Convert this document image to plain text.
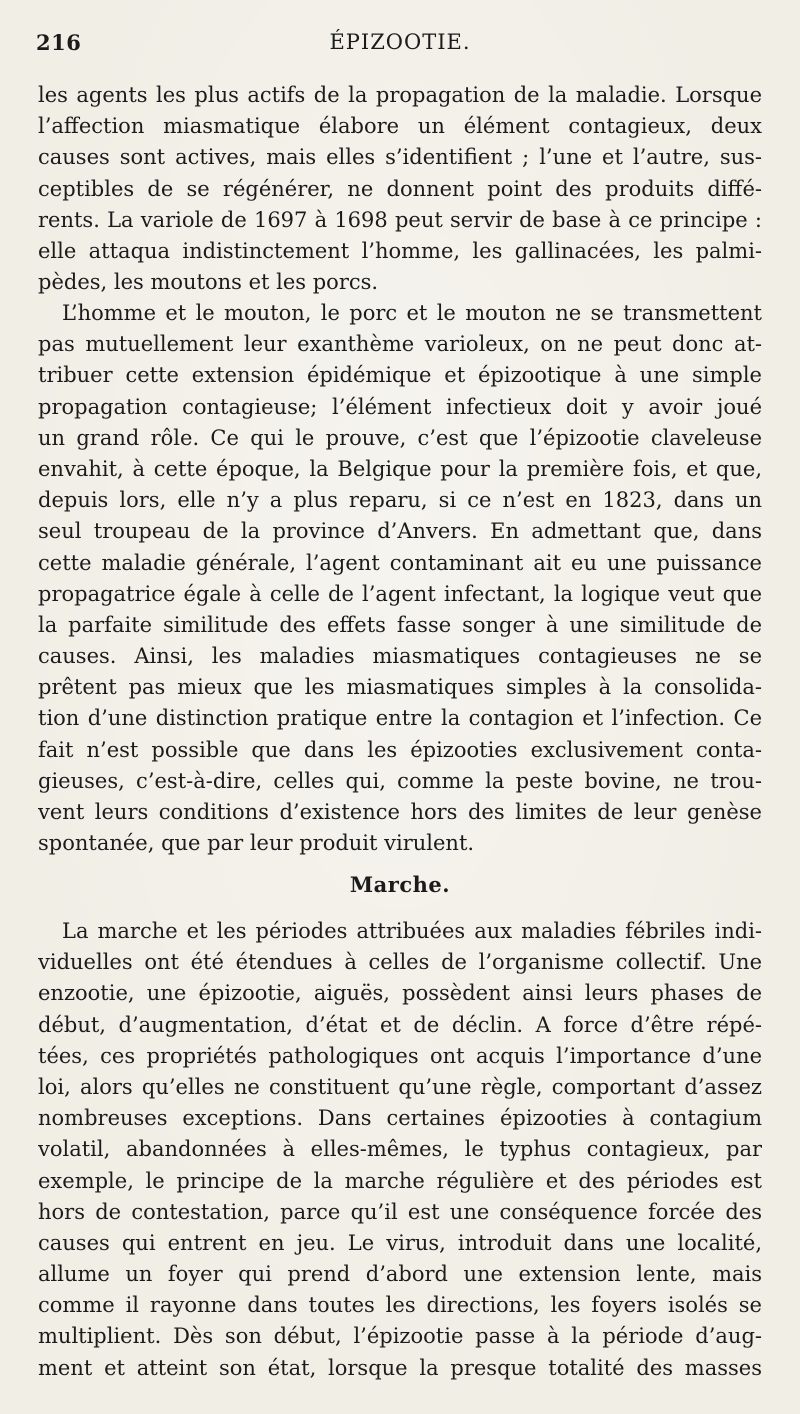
216	ÉPIZOOTIE.
les agents les plus actifs de la propagation de la maladie. Lorsque
l’affection miasmatique élabore un élément contagieux, deux
causes sont actives, mais elles s’identifient ; l’une et l’autre, sus-
ceptibles de se régénérer, ne donnent point des produits diffé-
rents. La variole de 1697 à 1698 peut servir de base à ce principe :
elle attaqua indistinctement l’homme, les gallinacées, les palmi-
pèdes, les moutons et les porcs.
L’homme et le mouton, le porc et le mouton ne se transmettent
pas mutuellement leur exanthème varioleux, on ne peut donc at-
tribuer cette extension épidémique et épizootique à une simple
propagation contagieuse; l’élément infectieux doit y avoir joué
un grand rôle. Ce qui le prouve, c’est que l’épizootie claveleuse
envahit, à cette époque, la Belgique pour la première fois, et que,
depuis lors, elle n’y a plus reparu, si ce n’est en 1823, dans un
seul troupeau de la province d’Anvers. En admettant que, dans
cette maladie générale, l’agent contaminant ait eu une puissance
propagatrice égale à celle de l’agent infectant, la logique veut que
la parfaite similitude des effets fasse songer à une similitude de
causes. Ainsi, les maladies miasmatiques contagieuses ne se
prêtent pas mieux que les miasmatiques simples à la consolida-
tion d’une distinction pratique entre la contagion et l’infection. Ce
fait n’est possible que dans les épizooties exclusivement conta-
gieuses, c’est-à-dire, celles qui, comme la peste bovine, ne trou-
vent leurs conditions d’existence hors des limites de leur genèse
spontanée, que par leur produit virulent.
Marche.
La marche et les périodes attribuées aux maladies fébriles indi-
viduelles ont été étendues à celles de l’organisme collectif. Une
enzootie, une épizootie, aiguës, possèdent ainsi leurs phases de
début, d’augmentation, d’état et de déclin. A force d’être répé-
tées, ces propriétés pathologiques ont acquis l’importance d’une
loi, alors qu’elles ne constituent qu’une règle, comportant d’assez
nombreuses exceptions. Dans certaines épizooties à contagium
volatil, abandonnées à elles-mêmes, le typhus contagieux, par
exemple, le principe de la marche régulière et des périodes est
hors de contestation, parce qu’il est une conséquence forcée des
causes qui entrent en jeu. Le virus, introduit dans une localité,
allume un foyer qui prend d’abord une extension lente, mais
comme il rayonne dans toutes les directions, les foyers isolés se
multiplient. Dès son début, l’épizootie passe à la période d’aug-
ment et atteint son état, lorsque la presque totalité des masses
